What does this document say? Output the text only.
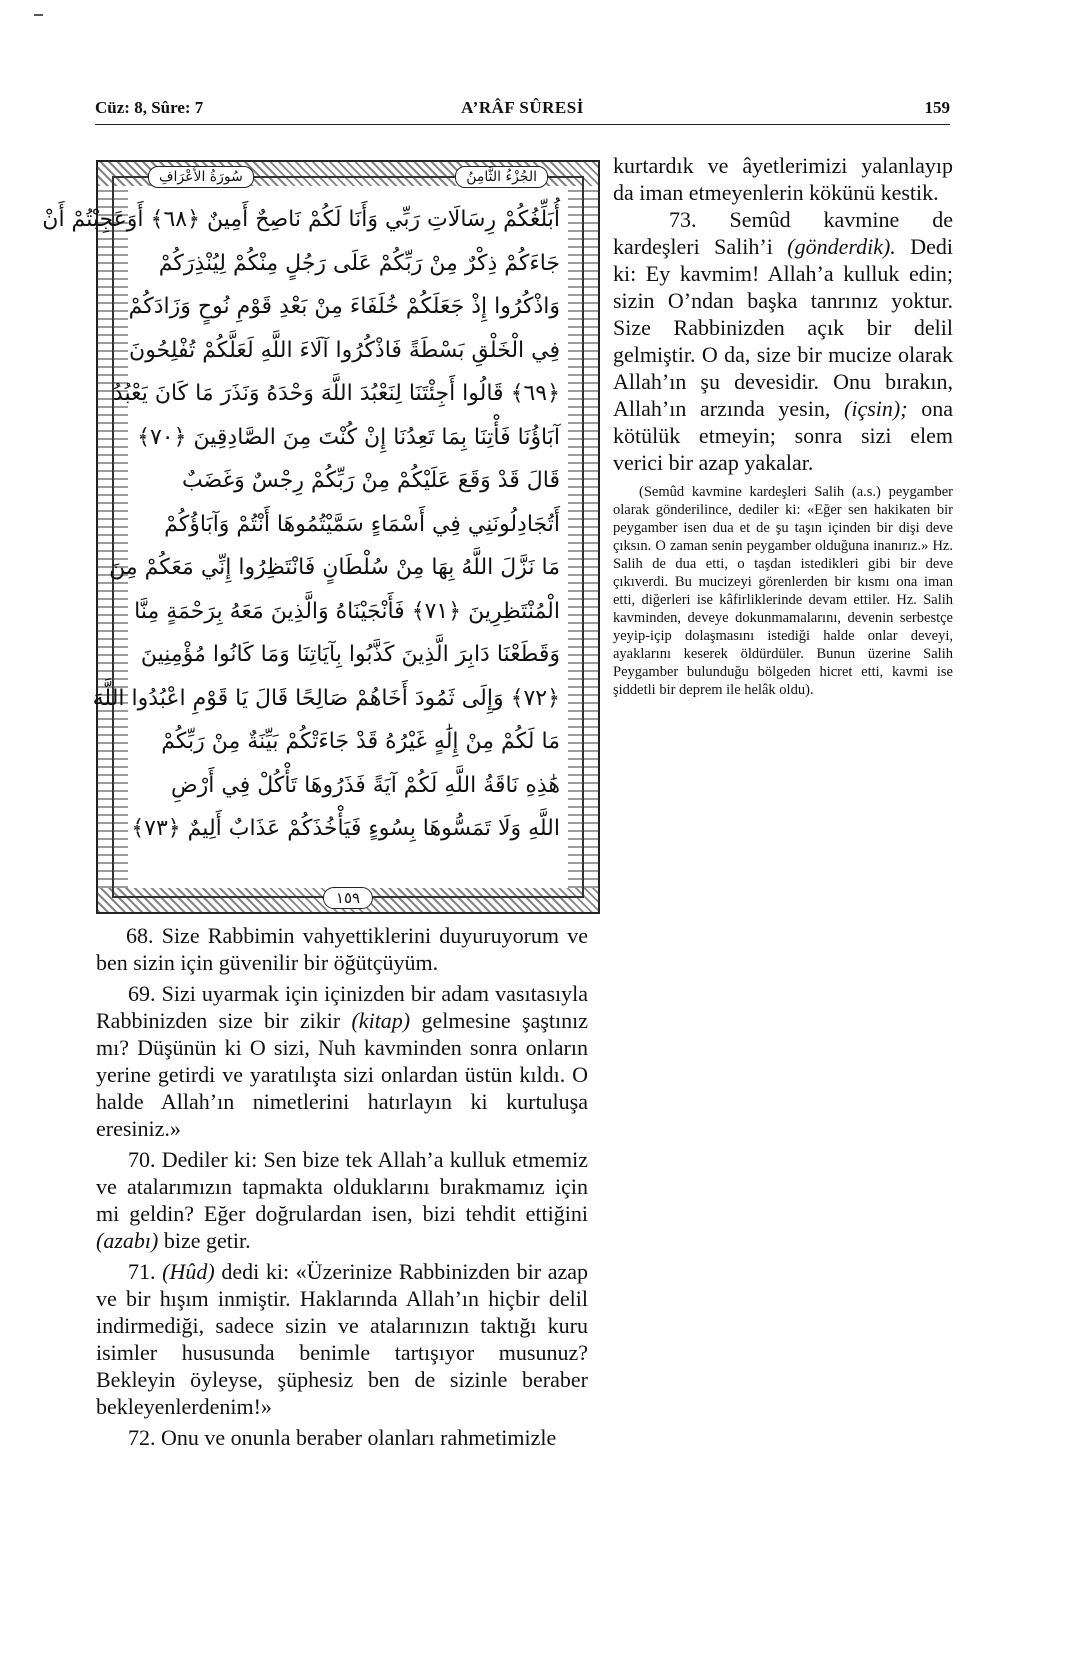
Cüz: 8, Sûre: 7	A’RÂF SÛRESİ	159
سُورَةُ الأَعْرَافِ	الجُزْءُ الثَّامِنُ

أُبَلِّغُكُمْ رِسَالَاتِ رَبِّي وَأَنَا لَكُمْ نَاصِحٌ أَمِينٌ ﴿٦٨﴾ أَوَعَجِبْتُمْ أَنْ

جَاءَكُمْ ذِكْرٌ مِنْ رَبِّكُمْ عَلَى رَجُلٍ مِنْكُمْ لِيُنْذِرَكُمْ

وَاذْكُرُوا إِذْ جَعَلَكُمْ خُلَفَاءَ مِنْ بَعْدِ قَوْمِ نُوحٍ وَزَادَكُمْ

فِي الْخَلْقِ بَسْطَةً فَاذْكُرُوا آلَاءَ اللَّهِ لَعَلَّكُمْ تُفْلِحُونَ

﴿٦٩﴾ قَالُوا أَجِئْتَنَا لِنَعْبُدَ اللَّهَ وَحْدَهُ وَنَذَرَ مَا كَانَ يَعْبُدُ

آبَاؤُنَا فَأْتِنَا بِمَا تَعِدُنَا إِنْ كُنْتَ مِنَ الصَّادِقِينَ ﴿٧٠﴾

قَالَ قَدْ وَقَعَ عَلَيْكُمْ مِنْ رَبِّكُمْ رِجْسٌ وَغَضَبٌ

أَتُجَادِلُونَنِي فِي أَسْمَاءٍ سَمَّيْتُمُوهَا أَنْتُمْ وَآبَاؤُكُمْ

مَا نَزَّلَ اللَّهُ بِهَا مِنْ سُلْطَانٍ فَانْتَظِرُوا إِنِّي مَعَكُمْ مِنَ

الْمُنْتَظِرِينَ ﴿٧١﴾ فَأَنْجَيْنَاهُ وَالَّذِينَ مَعَهُ بِرَحْمَةٍ مِنَّا

وَقَطَعْنَا دَابِرَ الَّذِينَ كَذَّبُوا بِآيَاتِنَا وَمَا كَانُوا مُؤْمِنِينَ

﴿٧٢﴾ وَإِلَى ثَمُودَ أَخَاهُمْ صَالِحًا قَالَ يَا قَوْمِ اعْبُدُوا اللَّهَ

مَا لَكُمْ مِنْ إِلَٰهٍ غَيْرُهُ قَدْ جَاءَتْكُمْ بَيِّنَةٌ مِنْ رَبِّكُمْ

هَٰذِهِ نَاقَةُ اللَّهِ لَكُمْ آيَةً فَذَرُوهَا تَأْكُلْ فِي أَرْضِ

اللَّهِ وَلَا تَمَسُّوهَا بِسُوءٍ فَيَأْخُذَكُمْ عَذَابٌ أَلِيمٌ ﴿٧٣﴾

١٥٩

kurtardık ve âyetlerimizi yalanlayıp da iman etmeyenlerin kökünü kestik.

73. Semûd kavmine de kardeşleri Salih’i (gönderdik). Dedi ki: Ey kavmim! Allah’a kulluk edin; sizin O’ndan başka tanrınız yoktur. Size Rabbinizden açık bir delil gelmiştir. O da, size bir mucize olarak Allah’ın şu devesidir. Onu bırakın, Allah’ın arzında yesin, (içsin); ona kötülük etmeyin; sonra sizi elem verici bir azap yakalar.

(Semûd kavmine kardeşleri Salih (a.s.) peygamber olarak gönderilince, dediler ki: «Eğer sen hakikaten bir peygamber isen dua et de şu taşın içinden bir dişi deve çıksın. O zaman senin peygamber olduğuna inanırız.» Hz. Salih de dua etti, o taşdan istedikleri gibi bir deve çıkıverdi. Bu mucizeyi görenlerden bir kısmı ona iman etti, diğerleri ise kâfirliklerinde devam ettiler. Hz. Salih kavminden, deveye dokunmamalarını, devenin serbestçe yeyip-içip dolaşmasını istediği halde onlar deveyi, ayaklarını keserek öldürdüler. Bunun üzerine Salih Peygamber bulunduğu bölgeden hicret etti, kavmi ise şiddetli bir deprem ile helâk oldu).

68. Size Rabbimin vahyettiklerini duyuruyorum ve ben sizin için güvenilir bir öğütçüyüm.

69. Sizi uyarmak için içinizden bir adam vasıtasıyla Rabbinizden size bir zikir (kitap) gelmesine şaştınız mı? Düşünün ki O sizi, Nuh kavminden sonra onların yerine getirdi ve yaratılışta sizi onlardan üstün kıldı. O halde Allah’ın nimetlerini hatırlayın ki kurtuluşa eresiniz.»

70. Dediler ki: Sen bize tek Allah’a kulluk etmemiz ve atalarımızın tapmakta olduklarını bırakmamız için mi geldin? Eğer doğrulardan isen, bizi tehdit ettiğini (azabı) bize getir.

71. (Hûd) dedi ki: «Üzerinize Rabbinizden bir azap ve bir hışım inmiştir. Haklarında Allah’ın hiçbir delil indirmediği, sadece sizin ve atalarınızın taktığı kuru isimler hususunda benimle tartışıyor musunuz? Bekleyin öyleyse, şüphesiz ben de sizinle beraber bekleyenlerdenim!»

72. Onu ve onunla beraber olanları rahmetimizle
